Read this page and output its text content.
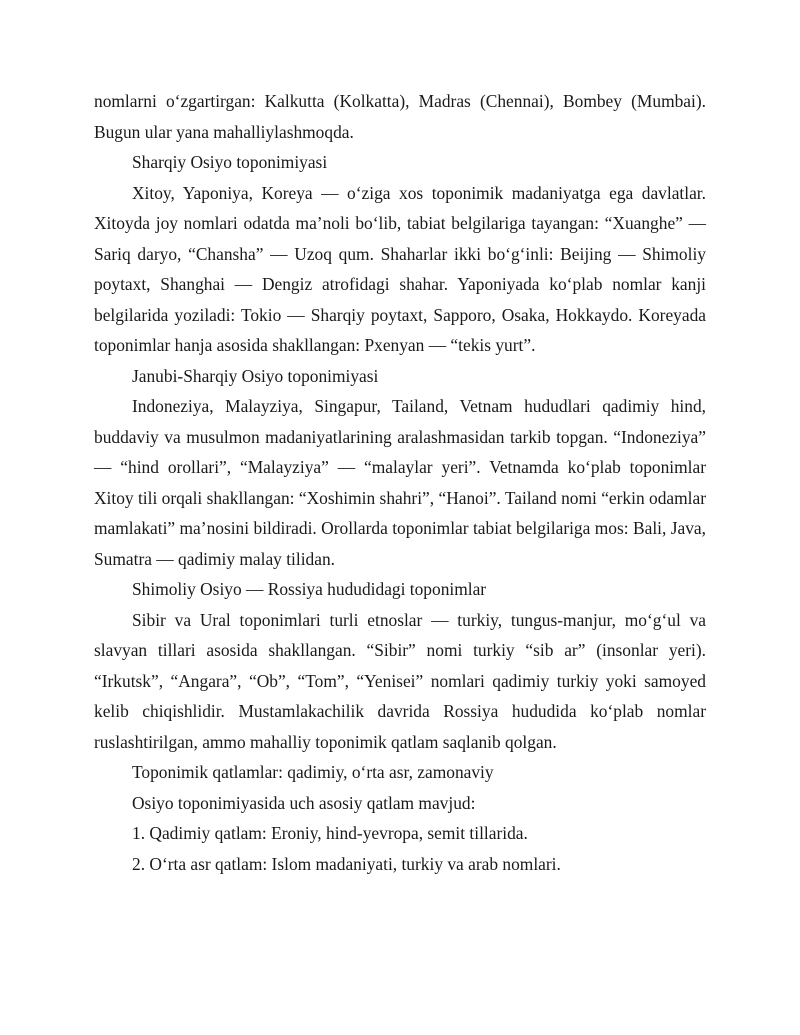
nomlarni o‘zgartirgan: Kalkutta (Kolkatta), Madras (Chennai), Bombey (Mumbai). Bugun ular yana mahalliylashmoqda.

Sharqiy Osiyo toponimiyasi

Xitoy, Yaponiya, Koreya — o‘ziga xos toponimik madaniyatga ega davlatlar. Xitoyda joy nomlari odatda ma’noli bo‘lib, tabiat belgilariga tayangan: “Xuanghe” — Sariq daryo, “Chansha” — Uzoq qum. Shaharlar ikki bo‘g‘inli: Beijing — Shimoliy poytaxt, Shanghai — Dengiz atrofidagi shahar. Yaponiyada ko‘plab nomlar kanji belgilarida yoziladi: Tokio — Sharqiy poytaxt, Sapporo, Osaka, Hokkaydo. Koreyada toponimlar hanja asosida shakllangan: Pxenyan — “tekis yurt”.

Janubi-Sharqiy Osiyo toponimiyasi

Indoneziya, Malayziya, Singapur, Tailand, Vetnam hududlari qadimiy hind, buddaviy va musulmon madaniyatlarining aralashmasidan tarkib topgan. “Indoneziya” — “hind orollari”, “Malayziya” — “malaylar yeri”. Vetnamda ko‘plab toponimlar Xitoy tili orqali shakllangan: “Xoshimin shahri”, “Hanoi”. Tailand nomi “erkin odamlar mamlakati” ma’nosini bildiradi. Orollarda toponimlar tabiat belgilariga mos: Bali, Java, Sumatra — qadimiy malay tilidan.

Shimoliy Osiyo — Rossiya hududidagi toponimlar

Sibir va Ural toponimlari turli etnoslar — turkiy, tungus-manjur, mo‘g‘ul va slavyan tillari asosida shakllangan. “Sibir” nomi turkiy “sib ar” (insonlar yeri). “Irkutsk”, “Angara”, “Ob”, “Tom”, “Yenisei” nomlari qadimiy turkiy yoki samoyed kelib chiqishlidir. Mustamlakachilik davrida Rossiya hududida ko‘plab nomlar ruslashtirilgan, ammo mahalliy toponimik qatlam saqlanib qolgan.

Toponimik qatlamlar: qadimiy, o‘rta asr, zamonaviy

Osiyo toponimiyasida uch asosiy qatlam mavjud:

1. Qadimiy qatlam: Eroniy, hind-yevropa, semit tillarida.

2. O‘rta asr qatlam: Islom madaniyati, turkiy va arab nomlari.
